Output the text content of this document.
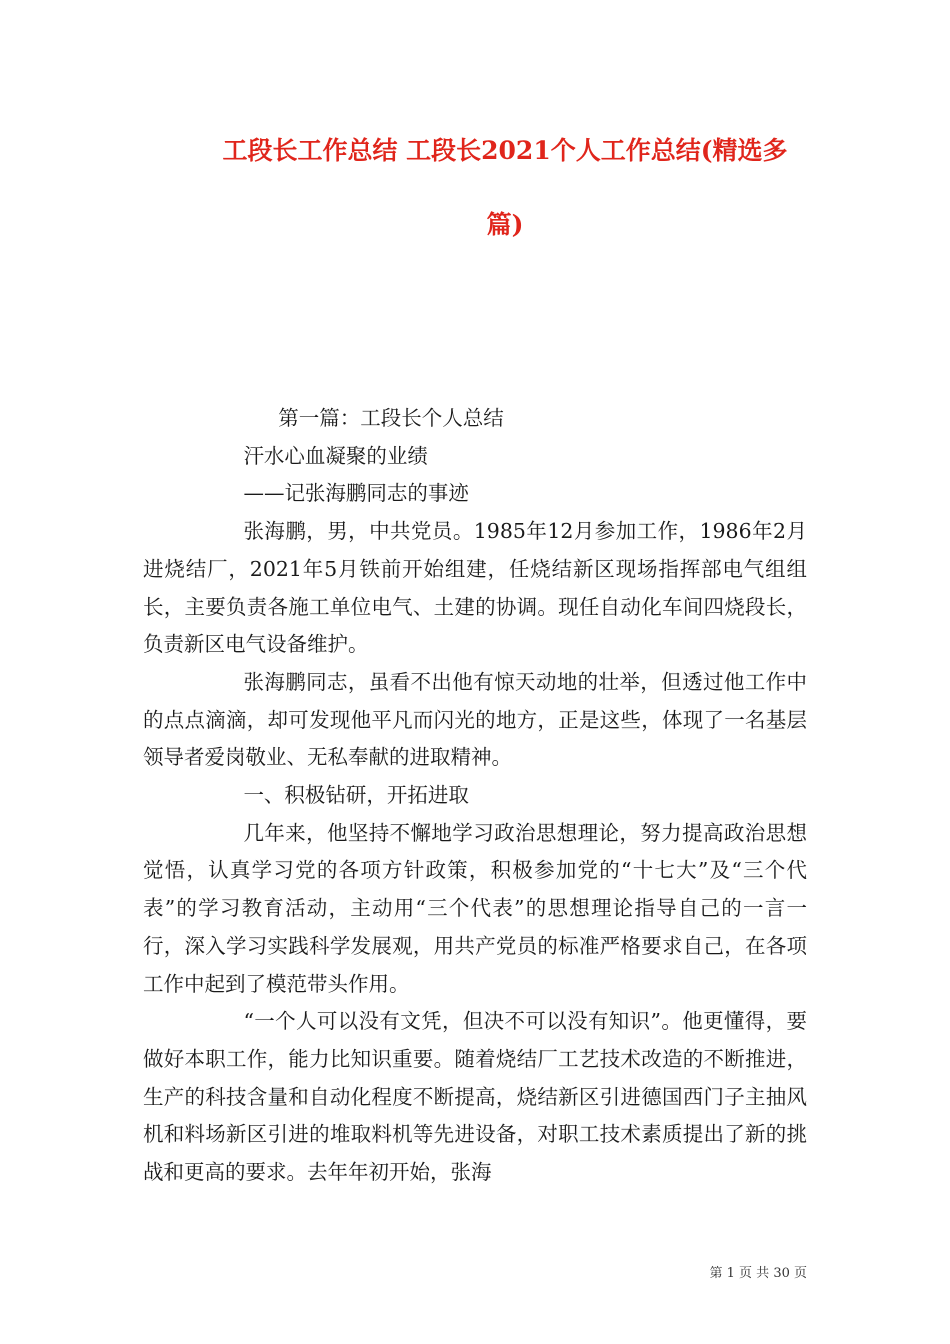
工段长工作总结 工段长2021个人工作总结(精选多
篇)

第一篇：工段长个人总结

汗水心血凝聚的业绩

——记张海鹏同志的事迹

张海鹏，男，中共党员。1985年12月参加工作，1986年2月进烧结厂，2021年5月铁前开始组建，任烧结新区现场指挥部电气组组长，主要负责各施工单位电气、土建的协调。现任自动化车间四烧段长，负责新区电气设备维护。

张海鹏同志，虽看不出他有惊天动地的壮举，但透过他工作中的点点滴滴，却可发现他平凡而闪光的地方，正是这些，体现了一名基层领导者爱岗敬业、无私奉献的进取精神。

一、积极钻研，开拓进取

几年来，他坚持不懈地学习政治思想理论，努力提高政治思想觉悟，认真学习党的各项方针政策，积极参加党的“十七大”及“三个代表”的学习教育活动，主动用“三个代表”的思想理论指导自己的一言一行，深入学习实践科学发展观，用共产党员的标准严格要求自己，在各项工作中起到了模范带头作用。

“一个人可以没有文凭，但决不可以没有知识”。他更懂得，要做好本职工作，能力比知识重要。随着烧结厂工艺技术改造的不断推进，生产的科技含量和自动化程度不断提高，烧结新区引进德国西门子主抽风机和料场新区引进的堆取料机等先进设备，对职工技术素质提出了新的挑战和更高的要求。去年年初开始，张海

第 1 页 共 30 页
